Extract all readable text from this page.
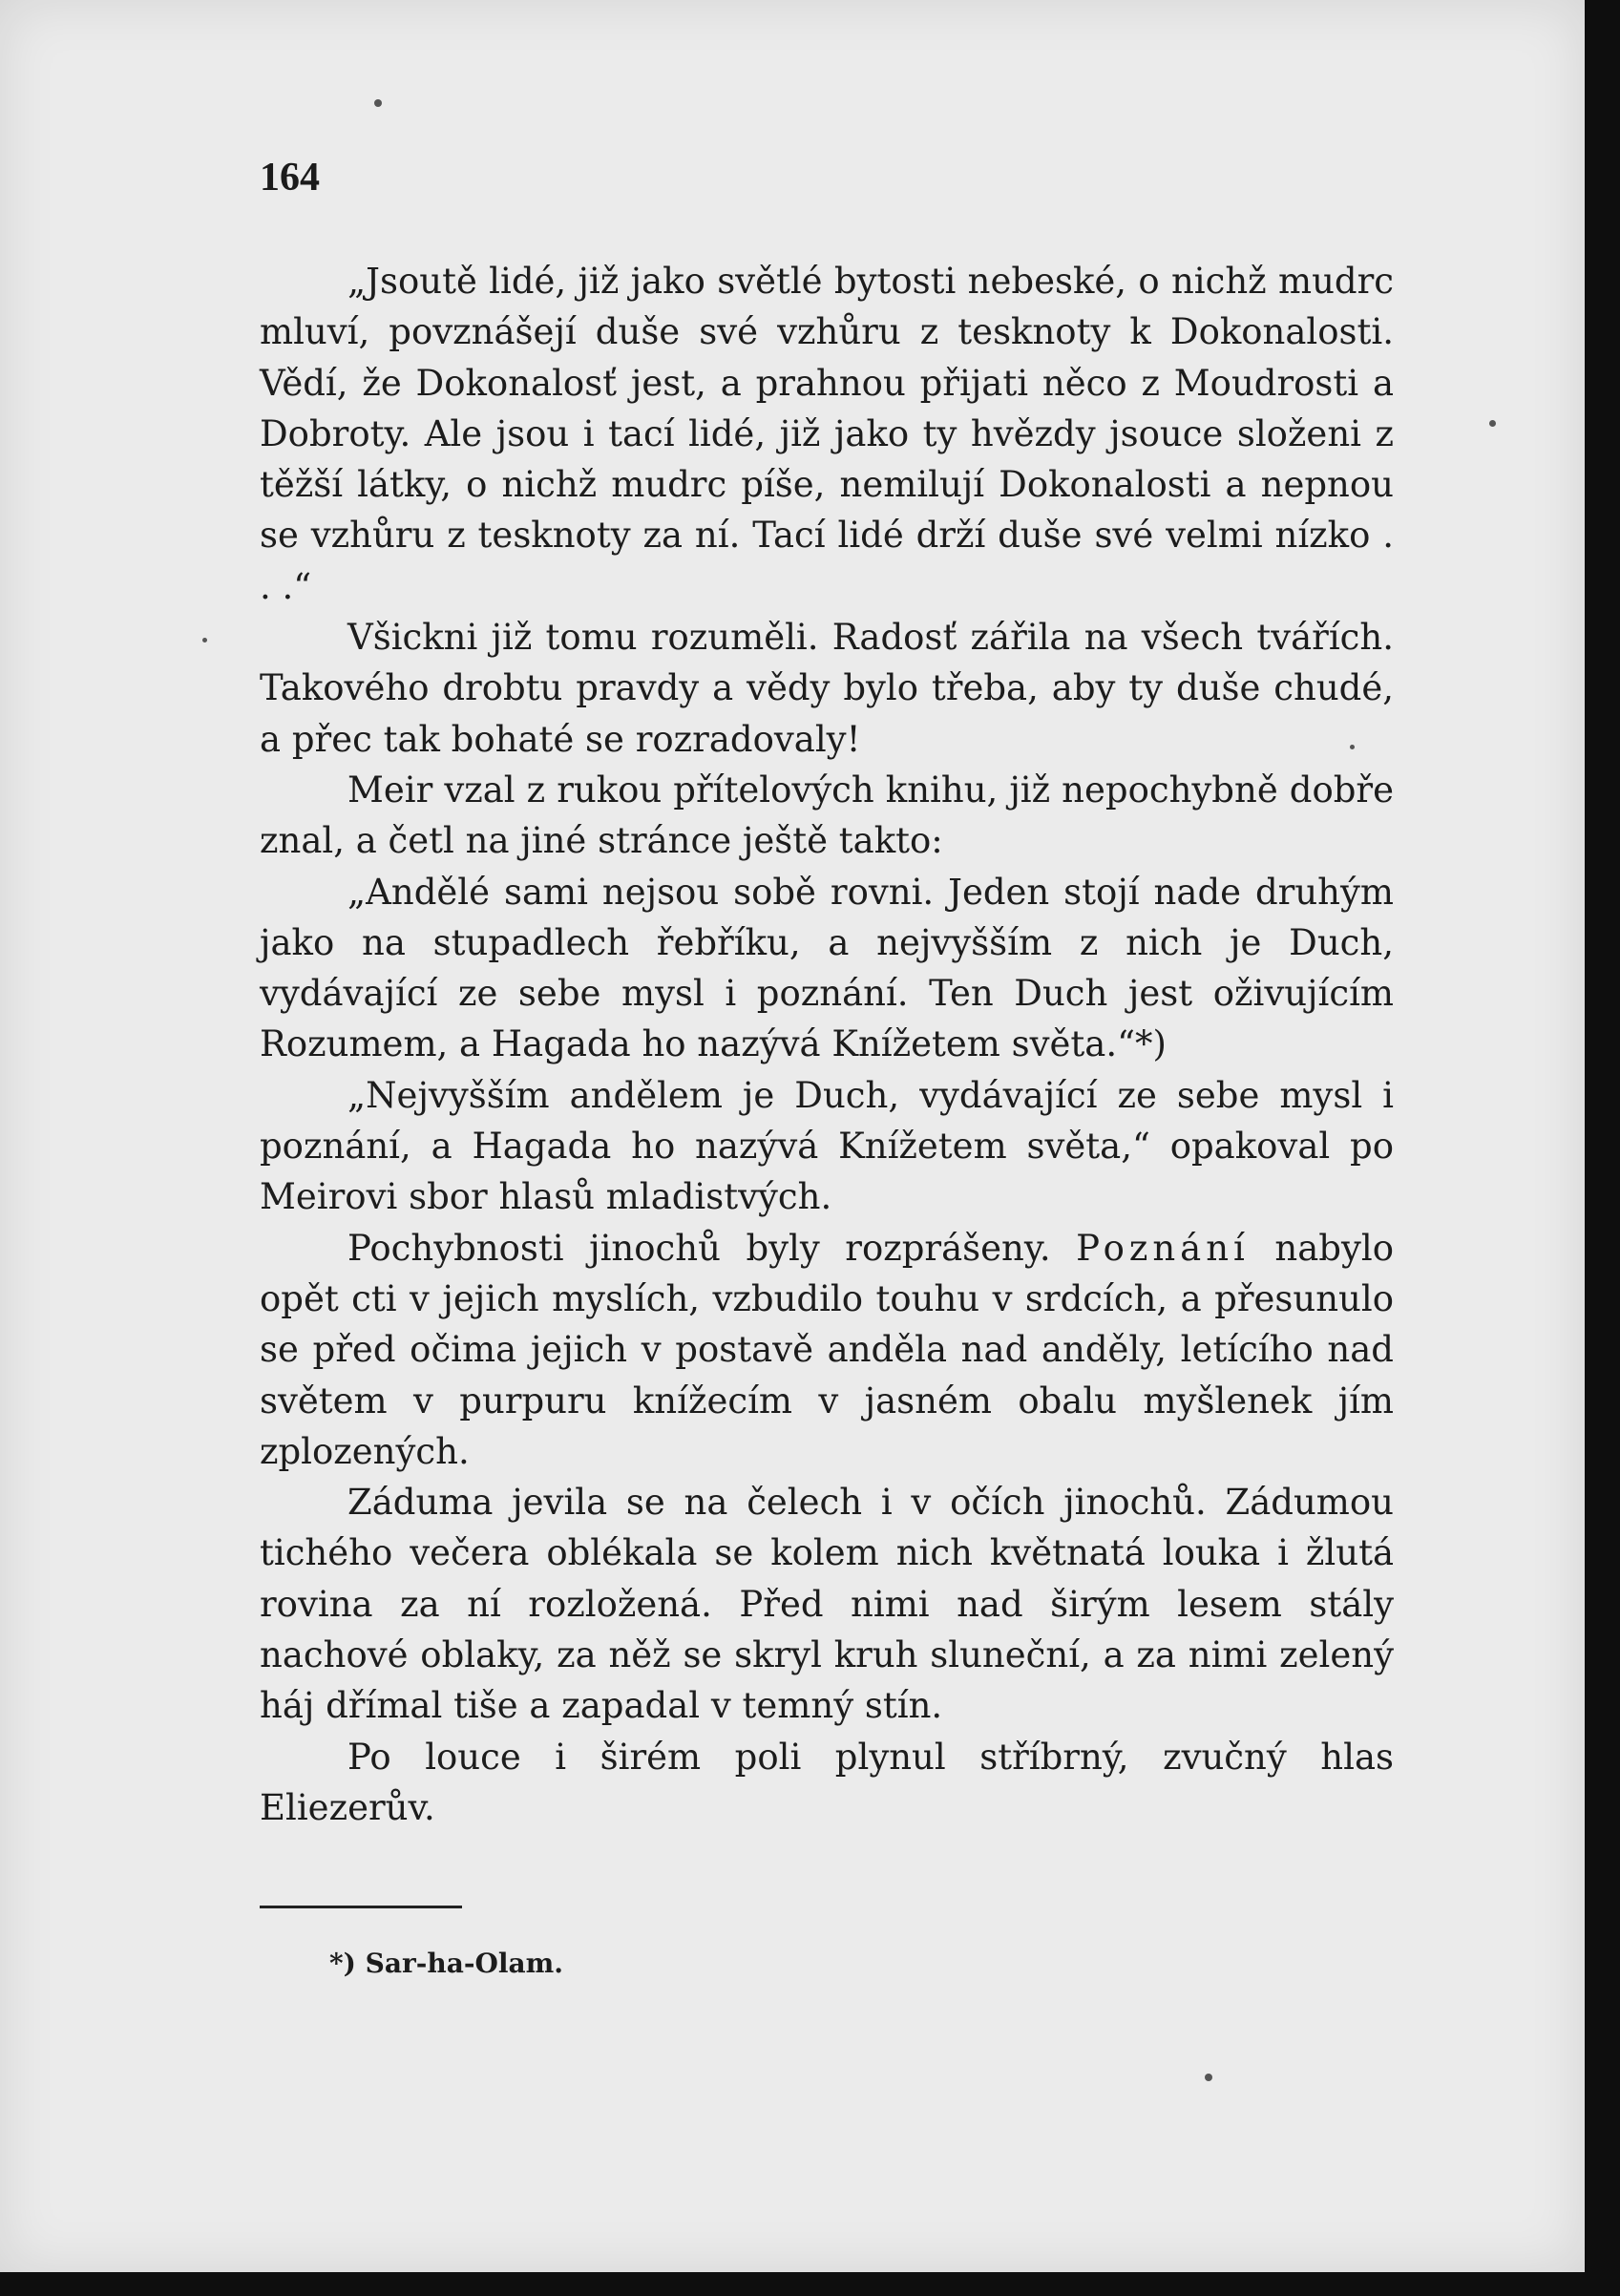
164

„Jsoutě lidé, již jako světlé bytosti nebeské, o nichž mudrc mluví, povznášejí duše své vzhůru z tesknoty k Dokonalosti. Vědí, že Dokonalosť jest, a prahnou přijati něco z Moudrosti a Dobroty. Ale jsou i tací lidé, již jako ty hvězdy jsouce složeni z těžší látky, o nichž mudrc píše, nemilují Dokonalosti a nepnou se vzhůru z tesknoty za ní. Tací lidé drží duše své velmi nízko . . .“

Všickni již tomu rozuměli. Radosť zářila na všech tvářích. Takového drobtu pravdy a vědy bylo třeba, aby ty duše chudé, a přec tak bohaté se rozradovaly!

Meir vzal z rukou přítelových knihu, již nepochybně dobře znal, a četl na jiné stránce ještě takto:

„Andělé sami nejsou sobě rovni. Jeden stojí nade druhým jako na stupadlech řebříku, a nejvyšším z nich je Duch, vydávající ze sebe mysl i poznání. Ten Duch jest oživujícím Rozumem, a Hagada ho nazývá Knížetem světa.“*)

„Nejvyšším andělem je Duch, vydávající ze sebe mysl i poznání, a Hagada ho nazývá Knížetem světa,“ opakoval po Meirovi sbor hlasů mladistvých.

Pochybnosti jinochů byly rozprášeny. Poznání nabylo opět cti v jejich myslích, vzbudilo touhu v srdcích, a přesunulo se před očima jejich v postavě anděla nad anděly, letícího nad světem v purpuru knížecím v jasném obalu myšlenek jím zplozených.

Záduma jevila se na čelech i v očích jinochů. Zádumou tichého večera oblékala se kolem nich květnatá louka i žlutá rovina za ní rozložená. Před nimi nad širým lesem stály nachové oblaky, za něž se skryl kruh sluneční, a za nimi zelený háj dřímal tiše a zapadal v temný stín.

Po louce i širém poli plynul stříbrný, zvučný hlas Eliezerův.

*) Sar-ha-Olam.
